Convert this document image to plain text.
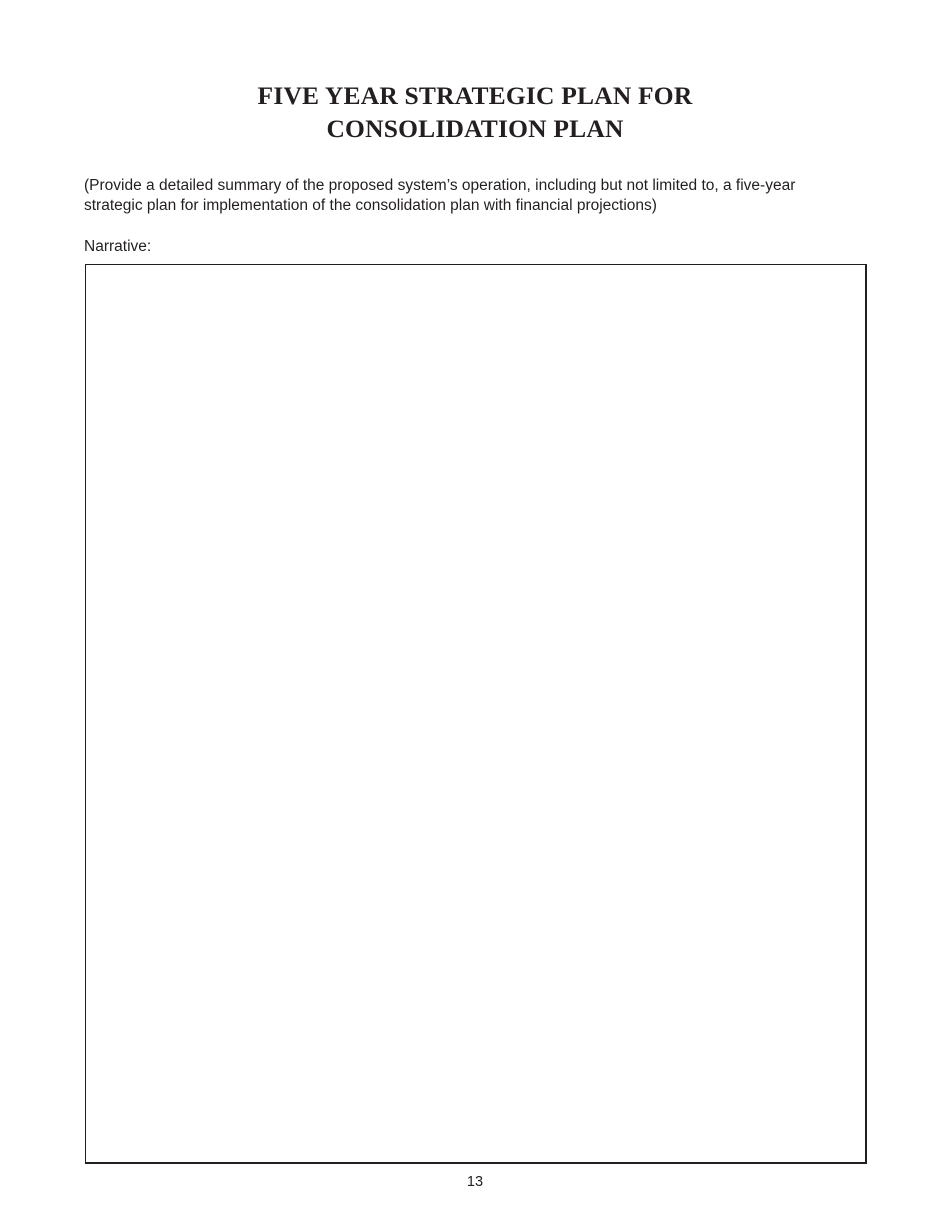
FIVE YEAR STRATEGIC PLAN FOR
CONSOLIDATION PLAN

(Provide a detailed summary of the proposed system’s operation, including but not limited to, a five-year
strategic plan for implementation of the consolidation plan with financial projections)

Narrative:

13
